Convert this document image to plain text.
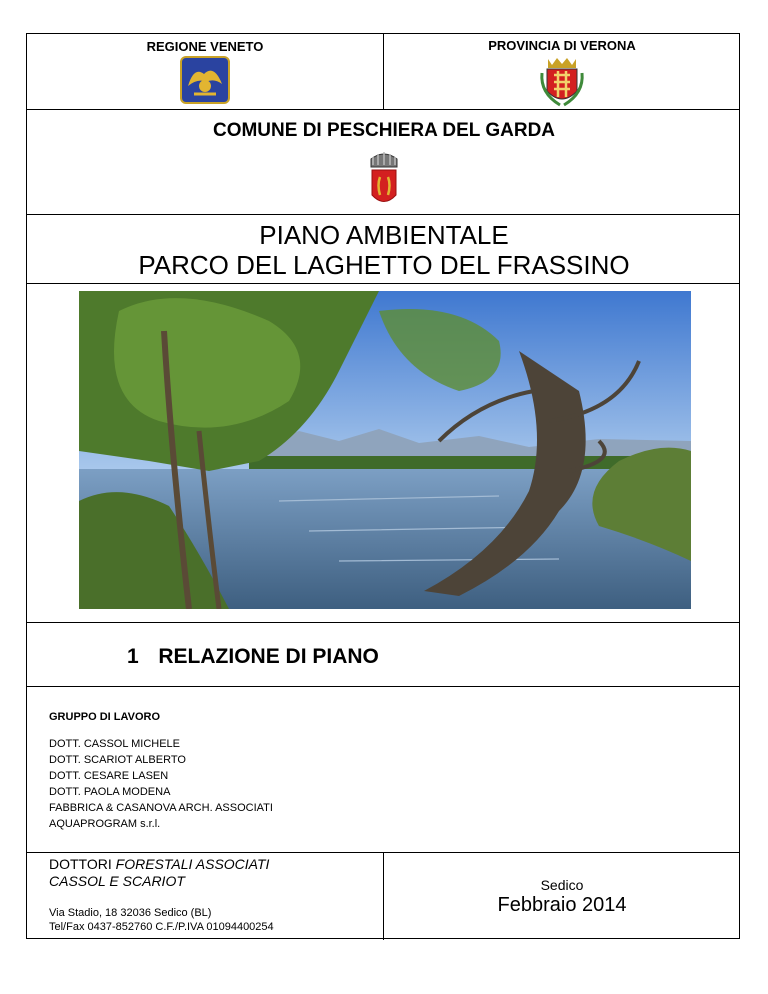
REGIONE VENETO	PROVINCIA DI VERONA
COMUNE DI PESCHIERA DEL GARDA
PIANO AMBIENTALE
PARCO DEL LAGHETTO DEL FRASSINO
1 RELAZIONE DI PIANO
GRUPPO DI LAVORO
DOTT. CASSOL MICHELE
DOTT. SCARIOT ALBERTO
DOTT. CESARE LASEN
DOTT. PAOLA MODENA
FABBRICA & CASANOVA ARCH. ASSOCIATI
AQUAPROGRAM s.r.l.
DOTTORI FORESTALI ASSOCIATI
CASSOL E SCARIOT
Via Stadio, 18 32036 Sedico (BL)
Tel/Fax 0437-852760 C.F./P.IVA 01094400254
Sedico
Febbraio 2014
